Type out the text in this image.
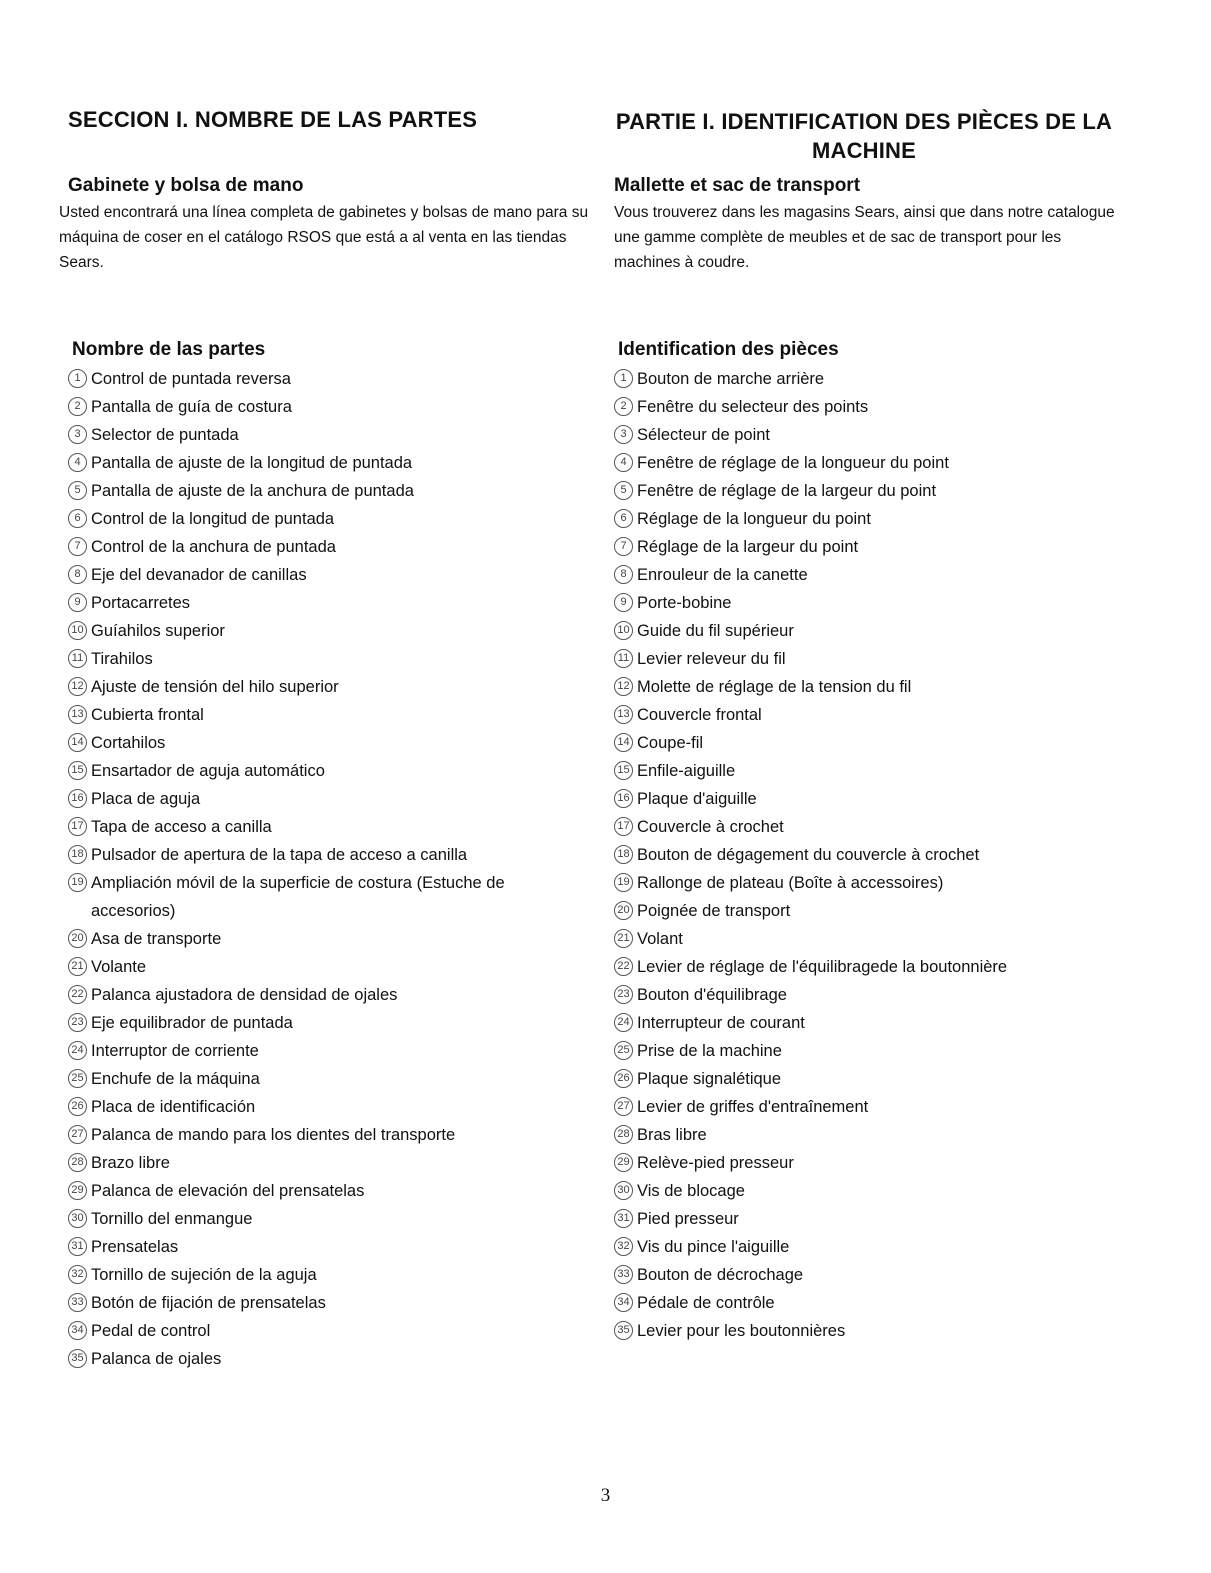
SECCION I. NOMBRE DE LAS PARTES
Gabinete y bolsa de mano
Usted encontrará una línea completa de gabinetes y bolsas de mano para su máquina de coser en el catálogo RSOS que está a al venta en las tiendas Sears.
Nombre de las partes
1 Control de puntada reversa
2 Pantalla de guía de costura
3 Selector de puntada
4 Pantalla de ajuste de la longitud de puntada
5 Pantalla de ajuste de la anchura de puntada
6 Control de la longitud de puntada
7 Control de la anchura de puntada
8 Eje del devanador de canillas
9 Portacarretes
10 Guíahilos superior
11 Tirahilos
12 Ajuste de tensión del hilo superior
13 Cubierta frontal
14 Cortahilos
15 Ensartador de aguja automático
16 Placa de aguja
17 Tapa de acceso a canilla
18 Pulsador de apertura de la tapa de acceso a canilla
19 Ampliación móvil de la superficie de costura (Estuche de accesorios)
20 Asa de transporte
21 Volante
22 Palanca ajustadora de densidad de ojales
23 Eje equilibrador de puntada
24 Interruptor de corriente
25 Enchufe de la máquina
26 Placa de identificación
27 Palanca de mando para los dientes del transporte
28 Brazo libre
29 Palanca de elevación del prensatelas
30 Tornillo del enmangue
31 Prensatelas
32 Tornillo de sujeción de la aguja
33 Botón de fijación de prensatelas
34 Pedal de control
35 Palanca de ojales
PARTIE I. IDENTIFICATION DES PIÈCES DE LA MACHINE
Mallette et sac de transport
Vous trouverez dans les magasins Sears, ainsi que dans notre catalogue une gamme complète de meubles et de sac de transport pour les machines à coudre.
Identification des pièces
1 Bouton de marche arrière
2 Fenêtre du selecteur des points
3 Sélecteur de point
4 Fenêtre de réglage de la longueur du point
5 Fenêtre de réglage de la largeur du point
6 Réglage de la longueur du point
7 Réglage de la largeur du point
8 Enrouleur de la canette
9 Porte-bobine
10 Guide du fil supérieur
11 Levier releveur du fil
12 Molette de réglage de la tension du fil
13 Couvercle frontal
14 Coupe-fil
15 Enfile-aiguille
16 Plaque d'aiguille
17 Couvercle à crochet
18 Bouton de dégagement du couvercle à crochet
19 Rallonge de plateau (Boîte à accessoires)
20 Poignée de transport
21 Volant
22 Levier de réglage de l'équilibragede la boutonnière
23 Bouton d'équilibrage
24 Interrupteur de courant
25 Prise de la machine
26 Plaque signalétique
27 Levier de griffes d'entraînement
28 Bras libre
29 Relève-pied presseur
30 Vis de blocage
31 Pied presseur
32 Vis du pince l'aiguille
33 Bouton de décrochage
34 Pédale de contrôle
35 Levier pour les boutonnières
3
